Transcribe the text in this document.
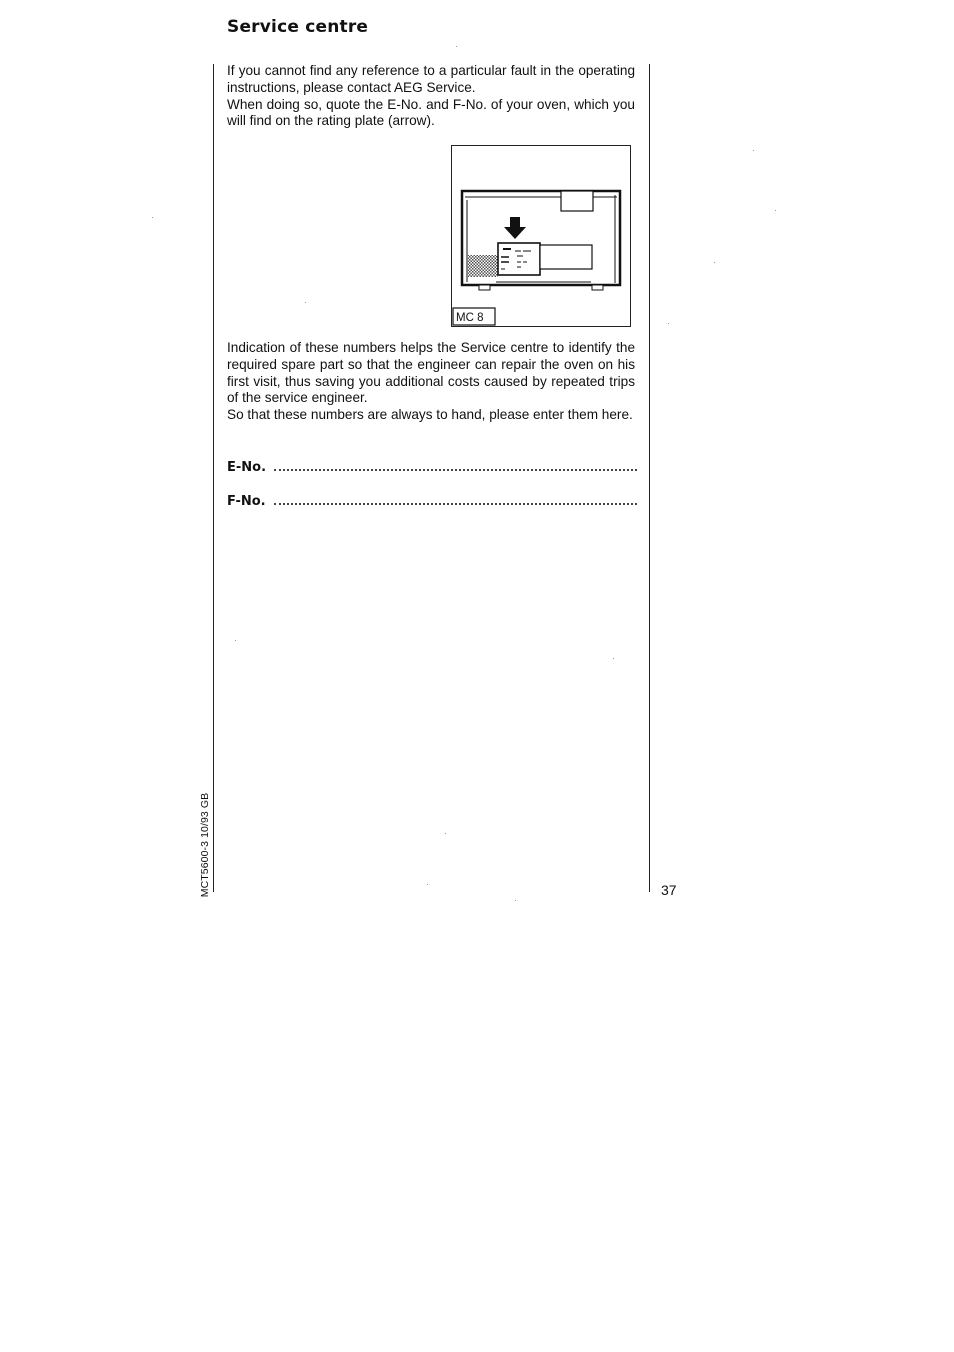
Service centre
If you cannot find any reference to a particular fault in the operating instructions, please contact AEG Service.
When doing so, quote the E-No. and F-No. of your oven, which you will find on the rating plate (arrow).
MC 8
Indication of these numbers helps the Service centre to identify the required spare part so that the engineer can repair the oven on his first visit, thus saving you additional costs caused by repeated trips of the service engineer.
So that these numbers are always to hand, please enter them here.
E-No.
F-No.
MCT5600-3 10/93 GB	37
